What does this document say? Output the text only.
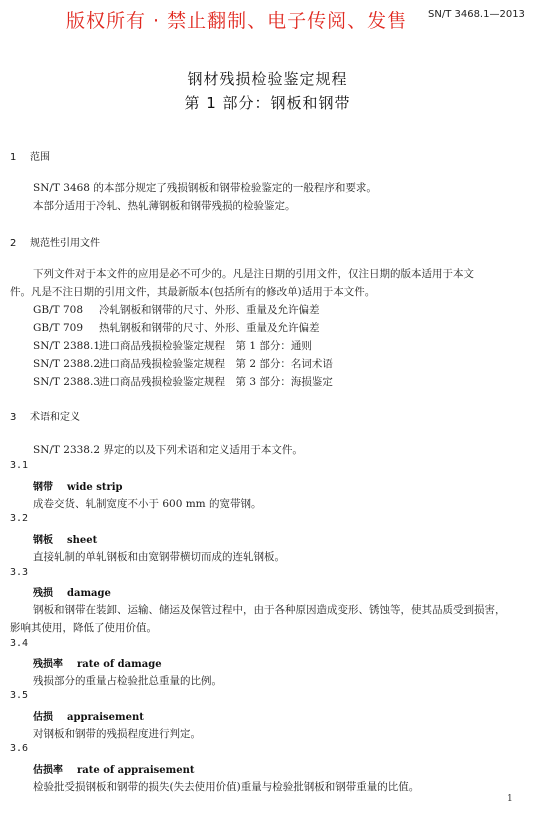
版权所有 · 禁止翻制、电子传阅、发售 SN/T 3468.1—2013
钢材残损检验鉴定规程
第 1 部分：钢板和钢带
1 范围
SN/T 3468 的本部分规定了残损钢板和钢带检验鉴定的一般程序和要求。
本部分适用于冷轧、热轧薄钢板和钢带残损的检验鉴定。
2 规范性引用文件
下列文件对于本文件的应用是必不可少的。凡是注日期的引用文件，仅注日期的版本适用于本文
件。凡是不注日期的引用文件，其最新版本(包括所有的修改单)适用于本文件。
GB/T 708 冷轧钢板和钢带的尺寸、外形、重量及允许偏差
GB/T 709 热轧钢板和钢带的尺寸、外形、重量及允许偏差
SN/T 2388.1进口商品残损检验鉴定规程　第 1 部分：通则
SN/T 2388.2进口商品残损检验鉴定规程　第 2 部分：名词术语
SN/T 2388.3进口商品残损检验鉴定规程　第 3 部分：海损鉴定
3 术语和定义
SN/T 2338.2 界定的以及下列术语和定义适用于本文件。
3.1
钢带 wide strip
成卷交货、轧制宽度不小于 600 mm 的宽带钢。
3.2
钢板 sheet
直接轧制的单轧钢板和由宽钢带横切而成的连轧钢板。
3.3
残损 damage
钢板和钢带在装卸、运输、储运及保管过程中，由于各种原因造成变形、锈蚀等，使其品质受到损害，
影响其使用，降低了使用价值。
3.4
残损率 rate of damage
残损部分的重量占检验批总重量的比例。
3.5
估损 appraisement
对钢板和钢带的残损程度进行判定。
3.6
估损率 rate of appraisement
检验批受损钢板和钢带的损失(失去使用价值)重量与检验批钢板和钢带重量的比值。
1
